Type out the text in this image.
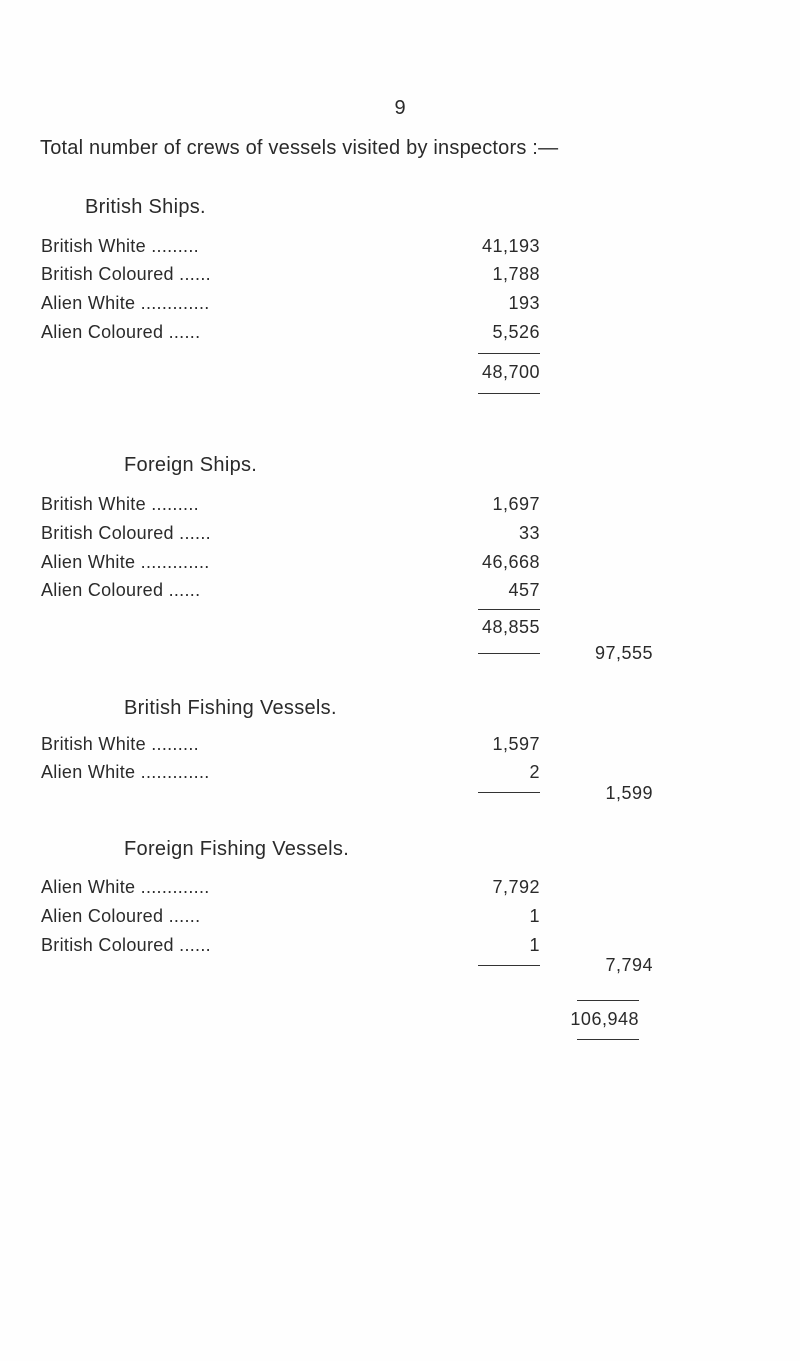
9
Total number of crews of vessels visited by inspectors :—
British Ships.
British White .........	41,193
British Coloured ......	1,788
Alien White .............	193
Alien Coloured ......	5,526
48,700
Foreign Ships.
British White .........	1,697
British Coloured ......	33
Alien White .............	46,668
Alien Coloured ......	457
48,855
97,555
British Fishing Vessels.
British White .........	1,597
Alien White .............	2
1,599
Foreign Fishing Vessels.
Alien White .............	7,792
Alien Coloured ......	1
British Coloured ......	1
7,794
106,948
